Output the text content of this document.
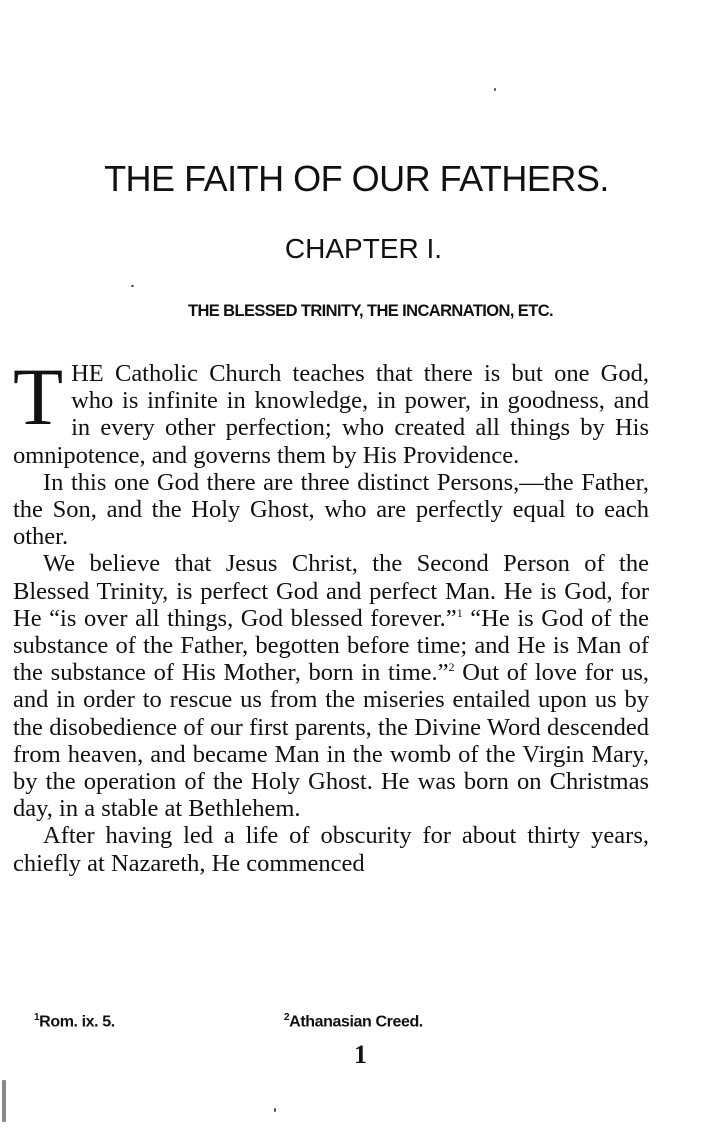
THE FAITH OF OUR FATHERS.
CHAPTER I.
THE BLESSED TRINITY, THE INCARNATION, ETC.

THE Catholic Church teaches that there is but one God, who is infinite in knowledge, in power, in goodness, and in every other perfection; who created all things by His omnipotence, and governs them by His Providence.

In this one God there are three distinct Persons,—the Father, the Son, and the Holy Ghost, who are perfectly equal to each other.

We believe that Jesus Christ, the Second Person of the Blessed Trinity, is perfect God and perfect Man. He is God, for He “is over all things, God blessed forever.”$^1$ “He is God of the substance of the Father, begotten before time; and He is Man of the substance of His Mother, born in time.”$^2$ Out of love for us, and in order to rescue us from the miseries entailed upon us by the disobedience of our first parents, the Divine Word descended from heaven, and became Man in the womb of the Virgin Mary, by the operation of the Holy Ghost. He was born on Christmas day, in a stable at Bethlehem.

After having led a life of obscurity for about thirty years, chiefly at Nazareth, He commenced

$^1$Rom. ix. 5.	$^2$Athanasian Creed.
1
